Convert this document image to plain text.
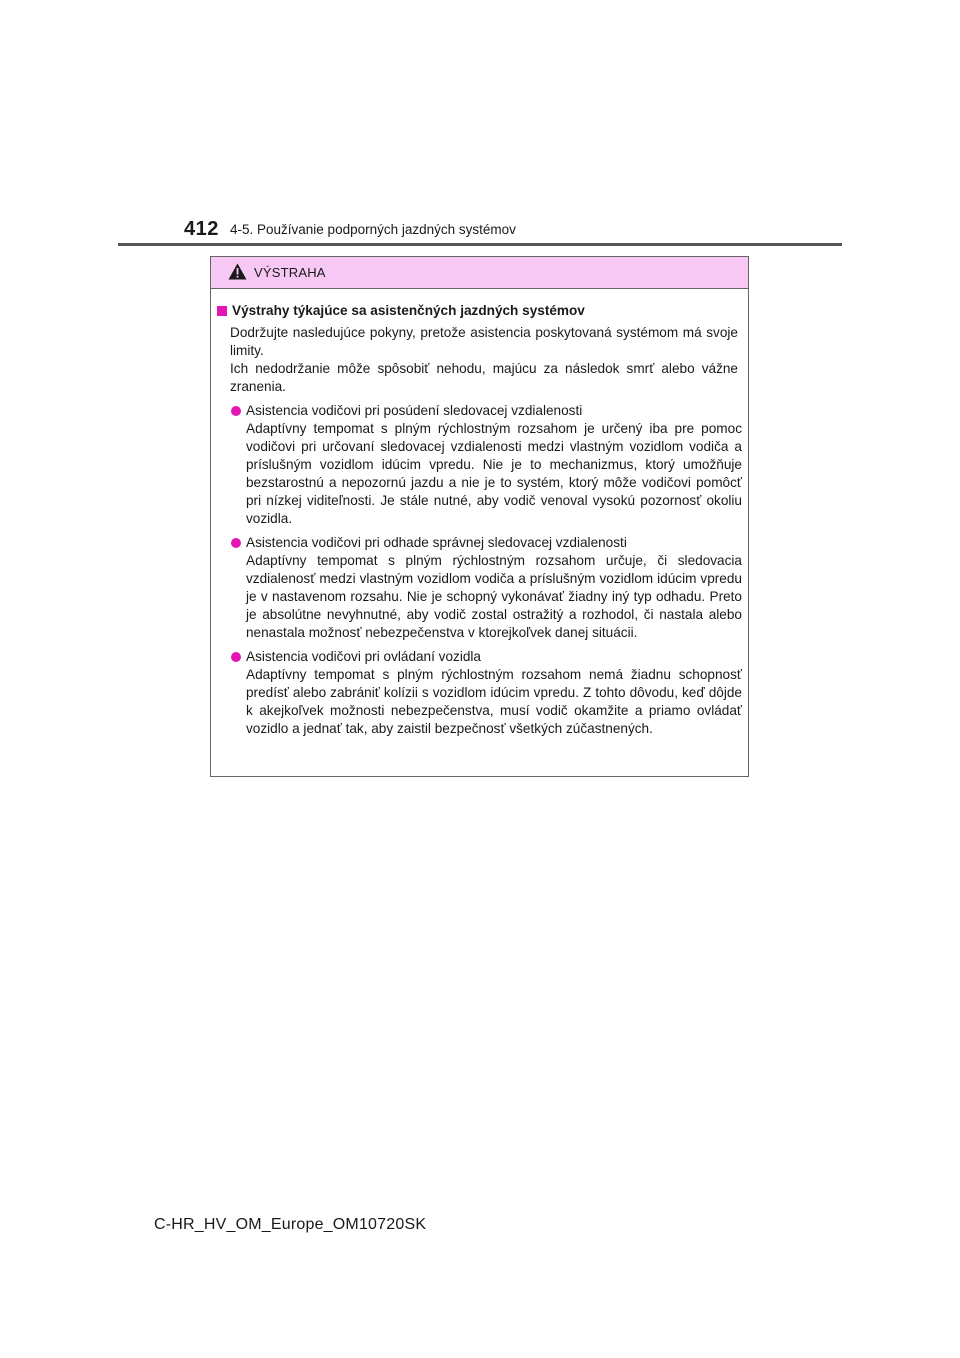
412 4-5. Používanie podporných jazdných systémov
VÝSTRAHA
Výstrahy týkajúce sa asistenčných jazdných systémov

Dodržujte nasledujúce pokyny, pretože asistencia poskytovaná systémom má svoje limity.

Ich nedodržanie môže spôsobiť nehodu, majúcu za následok smrť alebo vážne zranenia.

Asistencia vodičovi pri posúdení sledovacej vzdialenosti

Adaptívny tempomat s plným rýchlostným rozsahom je určený iba pre pomoc vodičovi pri určovaní sledovacej vzdialenosti medzi vlastným vozidlom vodiča a príslušným vozidlom idúcim vpredu. Nie je to mechanizmus, ktorý umožňuje bezstarostnú a nepozornú jazdu a nie je to systém, ktorý môže vodičovi pomôcť pri nízkej viditeľnosti. Je stále nutné, aby vodič venoval vysokú pozornosť okoliu vozidla.

Asistencia vodičovi pri odhade správnej sledovacej vzdialenosti

Adaptívny tempomat s plným rýchlostným rozsahom určuje, či sledovacia vzdialenosť medzi vlastným vozidlom vodiča a príslušným vozidlom idúcim vpredu je v nastavenom rozsahu. Nie je schopný vykonávať žiadny iný typ odhadu. Preto je absolútne nevyhnutné, aby vodič zostal ostražitý a rozhodol, či nastala alebo nenastala možnosť nebezpečenstva v ktorejkoľvek danej situácii.

Asistencia vodičovi pri ovládaní vozidla

Adaptívny tempomat s plným rýchlostným rozsahom nemá žiadnu schopnosť predísť alebo zabrániť kolízii s vozidlom idúcim vpredu. Z tohto dôvodu, keď dôjde k akejkoľvek možnosti nebezpečenstva, musí vodič okamžite a priamo ovládať vozidlo a jednať tak, aby zaistil bezpečnosť všetkých zúčastnených.

C-HR_HV_OM_Europe_OM10720SK
